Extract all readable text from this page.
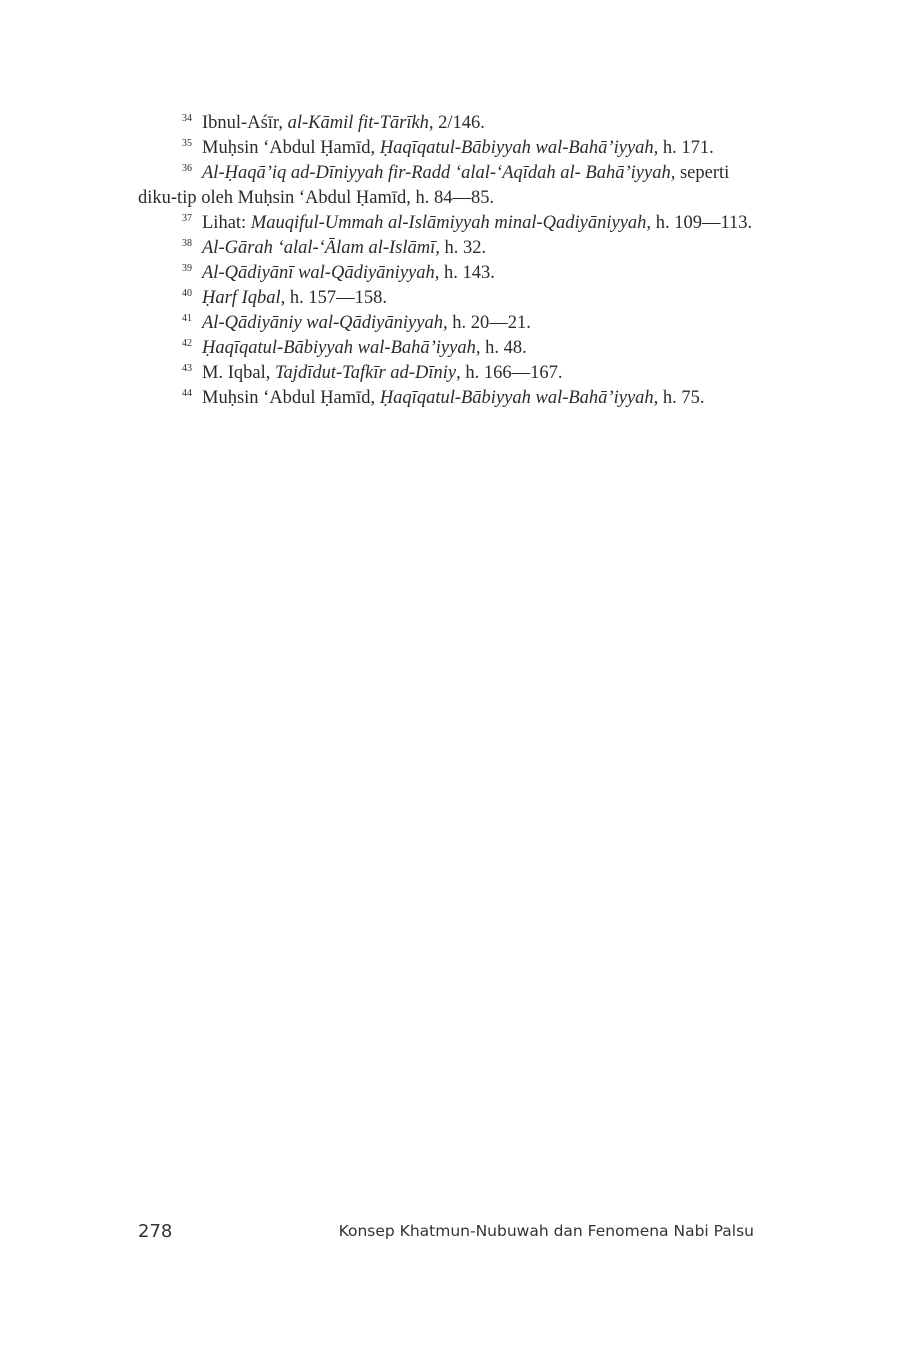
$^{34}$ Ibnul-Aśīr, al-Kāmil fit-Tārīkh, 2/146.
$^{35}$ Muḥsin ‘Abdul Ḥamīd, Ḥaqīqatul-Bābiyyah wal-Bahā’iyyah, h. 171.
$^{36}$ Al-Ḥaqā’iq ad-Dīniyyah fir-Radd ‘alal-‘Aqīdah al- Bahā’iyyah, seperti diku-tip oleh Muḥsin ‘Abdul Ḥamīd, h. 84—85.
$^{37}$ Lihat: Mauqiful-Ummah al-Islāmiyyah minal-Qadiyāniyyah, h. 109—113.
$^{38}$ Al-Gārah ‘alal-‘Ālam al-Islāmī, h. 32.
$^{39}$ Al-Qādiyānī wal-Qādiyāniyyah, h. 143.
$^{40}$ Ḥarf Iqbal, h. 157—158.
$^{41}$ Al-Qādiyāniy wal-Qādiyāniyyah, h. 20—21.
$^{42}$ Ḥaqīqatul-Bābiyyah wal-Bahā’iyyah, h. 48.
$^{43}$ M. Iqbal, Tajdīdut-Tafkīr ad-Dīniy, h. 166—167.
$^{44}$ Muḥsin ‘Abdul Ḥamīd, Ḥaqīqatul-Bābiyyah wal-Bahā’iyyah, h. 75.
278	Konsep Khatmun-Nubuwah dan Fenomena Nabi Palsu
